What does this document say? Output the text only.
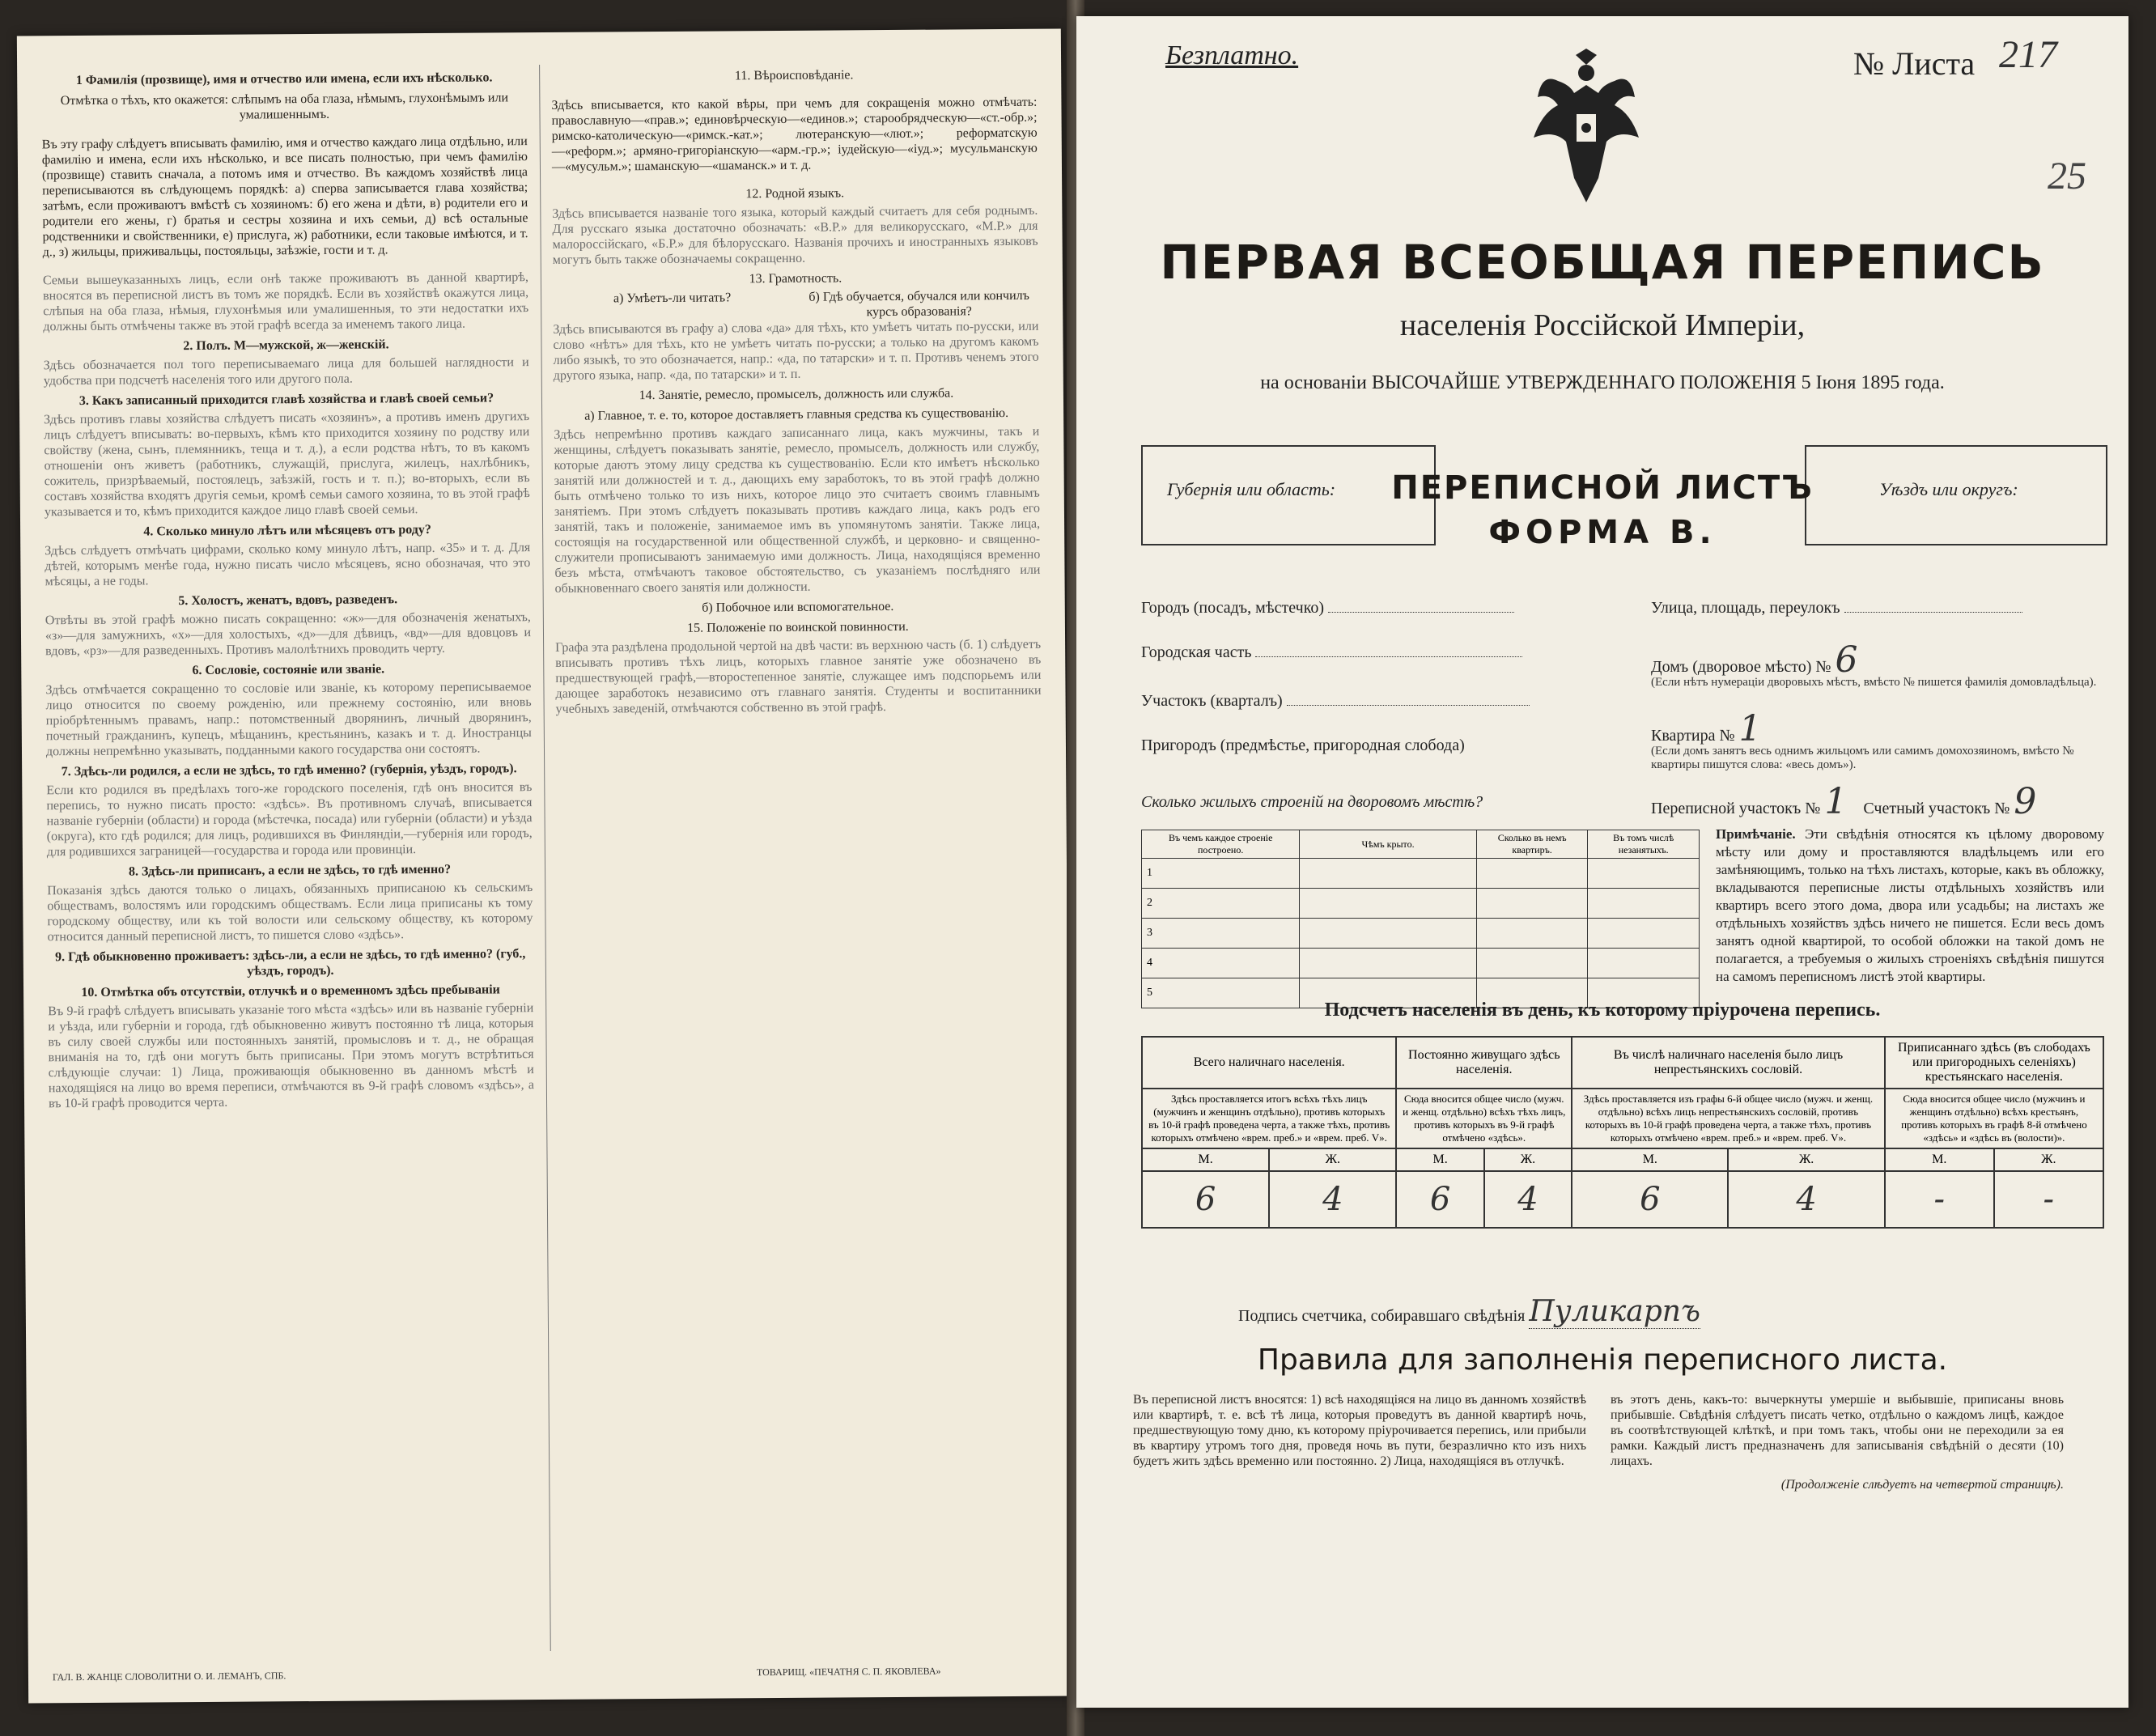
1 Фамилія (прозвище), имя и отчество или имена, если ихъ нѣсколько.
Отмѣтка о тѣхъ, кто окажется: слѣпымъ на оба глаза, нѣмымъ, глухонѣмымъ или умалишеннымъ.

Въ эту графу слѣдуетъ вписывать фамилію, имя и отчество каждаго лица отдѣльно, или фамилію и имена, если ихъ нѣсколько, и все писать полностью, при чемъ фамилію (прозвище) ставить сначала, а потомъ имя и отчество. Въ каждомъ хозяйствѣ лица переписываются въ слѣдующемъ порядкѣ: а) сперва записывается глава хозяйства; затѣмъ, если проживаютъ вмѣстѣ съ хозяиномъ: б) его жена и дѣти, в) родители его и родители его жены, г) братья и сестры хозяина и ихъ семьи, д) всѣ остальные родственники и свойственники, е) прислуга, ж) работники, если таковые имѣются, и т. д., з) жильцы, приживальцы, постояльцы, заѣзжіе, гости и т. д.

Семьи вышеуказанныхъ лицъ, если онѣ также проживаютъ въ данной квартирѣ, вносятся въ переписной листъ въ томъ же порядкѣ. Если въ хозяйствѣ окажутся лица, слѣпыя на оба глаза, нѣмыя, глухонѣмыя или умалишенныя, то эти недостатки ихъ должны быть отмѣчены также въ этой графѣ всегда за именемъ такого лица.
2. Полъ. М—мужской, ж—женскій.
Здѣсь обозначается пол того переписываемаго лица для большей наглядности и удобства при подсчетѣ населенія того или другого пола.
3. Какъ записанный приходится главѣ хозяйства и главѣ своей семьи?
Здѣсь противъ главы хозяйства слѣдуетъ писать «хозяинъ», а противъ именъ другихъ лицъ слѣдуетъ вписывать: во-первыхъ, кѣмъ кто приходится хозяину по родству или свойству (жена, сынъ, племянникъ, теща и т. д.), а если родства нѣтъ, то въ какомъ отношеніи онъ живетъ (работникъ, служащій, прислуга, жилецъ, нахлѣбникъ, сожитель, призрѣваемый, постоялецъ, заѣзжій, гость и т. п.); во-вторыхъ, если въ составъ хозяйства входятъ другія семьи, кромѣ семьи самого хозяина, то въ этой графѣ указывается и то, кѣмъ приходится каждое лицо главѣ своей семьи.
4. Сколько минуло лѣтъ или мѣсяцевъ отъ роду?
Здѣсь слѣдуетъ отмѣчать цифрами, сколько кому минуло лѣтъ, напр. «35» и т. д. Для дѣтей, которымъ менѣе года, нужно писать число мѣсяцевъ, ясно обозначая, что это мѣсяцы, а не годы.
5. Холостъ, женатъ, вдовъ, разведенъ.
Отвѣты въ этой графѣ можно писать сокращенно: «ж»—для обозначенія женатыхъ, «з»—для замужнихъ, «х»—для холостыхъ, «д»—для дѣвицъ, «вд»—для вдовцовъ и вдовъ, «рз»—для разведенныхъ. Противъ малолѣтнихъ проводить черту.
6. Сословіе, состояніе или званіе.
Здѣсь отмѣчается сокращенно то сословіе или званіе, къ которому переписываемое лицо относится по своему рожденію, или прежнему состоянію, или вновь пріобрѣтеннымъ правамъ, напр.: потомственный дворянинъ, личный дворянинъ, почетный гражданинъ, купецъ, мѣщанинъ, крестьянинъ, казакъ и т. д. Иностранцы должны непремѣнно указывать, подданными какого государства они состоятъ.
7. Здѣсь-ли родился, а если не здѣсь, то гдѣ именно? (губернія, уѣздъ, городъ).
Если кто родился въ предѣлахъ того-же городского поселенія, гдѣ онъ вносится въ перепись, то нужно писать просто: «здѣсь». Въ противномъ случаѣ, вписывается названіе губерніи (области) и города (мѣстечка, посада) или губерніи (области) и уѣзда (округа), кто гдѣ родился; для лицъ, родившихся въ Финляндіи,—губернія или городъ, для родившихся заграницей—государства и города или провинціи.
8. Здѣсь-ли приписанъ, а если не здѣсь, то гдѣ именно?
Показанія здѣсь даются только о лицахъ, обязанныхъ приписаною къ сельскимъ обществамъ, волостямъ или городскимъ обществамъ. Если лица приписаны къ тому городскому обществу, или къ той волости или сельскому обществу, къ которому относится данный переписной листъ, то пишется слово «здѣсь».
9. Гдѣ обыкновенно проживаетъ: здѣсь-ли, а если не здѣсь, то гдѣ именно? (губ., уѣздъ, городъ).
10. Отмѣтка объ отсутствіи, отлучкѣ и о временномъ здѣсь пребываніи
Въ 9-й графѣ слѣдуетъ вписывать указаніе того мѣста «здѣсь» или въ названіе губерніи и уѣзда, или губерніи и города, гдѣ обыкновенно живутъ постоянно тѣ лица, которыя въ силу своей службы или постоянныхъ занятій, промысловъ и т. д., не обращая вниманія на то, гдѣ они могутъ быть приписаны. При этомъ могутъ встрѣтиться слѣдующіе случаи: 1) Лица, проживающія обыкновенно въ данномъ мѣстѣ и находящіяся на лицо во время переписи, отмѣчаются въ 9-й графѣ словомъ «здѣсь», а въ 10-й графѣ проводится черта.
11. Вѣроисповѣданіе.

Здѣсь вписывается, кто какой вѣры, при чемъ для сокращенія можно отмѣчать: православную—«прав.»; единовѣрческую—«единов.»; старообрядческую—«ст.-обр.»; римско-католическую—«римск.-кат.»; лютеранскую—«лют.»; реформатскую—«реформ.»; армяно-григоріанскую—«арм.-гр.»; іудейскую—«іуд.»; мусульманскую—«мусульм.»; шаманскую—«шаманск.» и т. д.

12. Родной языкъ.
Здѣсь вписывается названіе того языка, который каждый считаетъ для себя роднымъ. Для русскаго языка достаточно обозначать: «В.Р.» для великорусскаго, «М.Р.» для малороссійскаго, «Б.Р.» для бѣлорусскаго. Названія прочихъ и иностранныхъ языковъ могутъ быть также обозначаемы сокращенно.
13. Грамотность.
а) Умѣетъ-ли читать?	б) Гдѣ обучается, обучался или кончилъ курсъ образованія?
Здѣсь вписываются въ графу а) слова «да» для тѣхъ, кто умѣетъ читать по-русски, или слово «нѣтъ» для тѣхъ, кто не умѣетъ читать по-русски; а только на другомъ какомъ либо языкѣ, то это обозначается, напр.: «да, по татарски» и т. п. Противъ ченемъ этого другого языка, напр. «да, по татарски» и т. п.
14. Занятіе, ремесло, промыселъ, должность или служба.
а) Главное, т. е. то, которое доставляетъ главныя средства къ существованію.
Здѣсь непремѣнно противъ каждаго записаннаго лица, какъ мужчины, такъ и женщины, слѣдуетъ показывать занятіе, ремесло, промыселъ, должность или службу, которые даютъ этому лицу средства къ существованію. Если кто имѣетъ нѣсколько занятій или должностей и т. д., дающихъ ему заработокъ, то въ этой графѣ должно быть отмѣчено только то изъ нихъ, которое лицо это считаетъ своимъ главнымъ занятіемъ. При этомъ слѣдуетъ показывать противъ каждаго лица, какъ родъ его занятій, такъ и положеніе, занимаемое имъ въ упомянутомъ занятіи. Также лица, состоящія на государственной или общественной службѣ, и церковно- и священно-служители прописываютъ занимаемую ими должность. Лица, находящіяся временно безъ мѣста, отмѣчаютъ таковое обстоятельство, съ указаніемъ послѣдняго или обыкновеннаго своего занятія или должности.
б) Побочное или вспомогательное.
15. Положеніе по воинской повинности.
Графа эта раздѣлена продольной чертой на двѣ части: въ верхнюю часть (б. 1) слѣдуетъ вписывать противъ тѣхъ лицъ, которыхъ главное занятіе уже обозначено въ предшествующей графѣ,—второстепенное занятіе, служащее имъ подспорьемъ или дающее заработокъ независимо отъ главнаго занятія. Студенты и воспитанники учебныхъ заведеній, отмѣчаются собственно въ этой графѣ.
ГАЛ. В. ЖАНЦЕ СЛОВОЛИТНИ О. И. ЛЕМАНЪ, СПБ.	ТОВАРИЩ. «ПЕЧАТНЯ С. П. ЯКОВЛЕВА»
Безплатно.	№ Листа 217
25
ПЕРВАЯ ВСЕОБЩАЯ ПЕРЕПИСЬ
населенія Россійской Имперіи,
на основаніи ВЫСОЧАЙШЕ УТВЕРЖДЕННАГО ПОЛОЖЕНІЯ 5 Іюня 1895 года.
Губернія или область:	Уѣздъ или округъ:
ПЕРЕПИСНОЙ ЛИСТЪ
ФОРМА В.
Городъ (посадъ, мѣстечко)
Городская часть
Участокъ (кварталъ)
Пригородъ (предмѣстье, пригородная слобода)
Улица, площадь, переулокъ
Домъ (дворовое мѣсто) № 6
(Если нѣтъ нумераціи дворовыхъ мѣстъ, вмѣсто № пишется фамилія домовладѣльца).
Квартира № 1
(Если домъ занятъ весь однимъ жильцомъ или самимъ домохозяиномъ, вмѣсто № квартиры пишутся слова: «весь домъ»).
Переписной участокъ № 1 Счетный участокъ № 9
Сколько жилыхъ строеній на дворовомъ мѣстѣ?
Въ чемъ каждое строеніе построено.	Чѣмъ крыто.	Сколько въ немъ квартиръ.	Въ томъ числѣ незанятыхъ.
1			
2			
3			
4			
5			
Примѣчаніе. Эти свѣдѣнія относятся къ цѣлому дворовому мѣсту или дому и проставляются владѣльцемъ или его замѣняющимъ, только на тѣхъ листахъ, которые, какъ въ обложку, вкладываются переписные листы отдѣльныхъ хозяйствъ или квартиръ всего этого дома, двора или усадьбы; на листахъ же отдѣльныхъ хозяйствъ здѣсь ничего не пишется. Если весь домъ занятъ одной квартирой, то особой обложки на такой домъ не полагается, а требуемыя о жилыхъ строеніяхъ свѣдѣнія пишутся на самомъ переписномъ листѣ этой квартиры.
Подсчетъ населенія въ день, къ которому пріурочена перепись.
Всего наличнаго населенія.		Постоянно живущаго здѣсь населенія.		Въ числѣ наличнаго населенія было лицъ непрестьянскихъ сословій.		Приписаннаго здѣсь (въ слободахъ или пригородныхъ селеніяхъ) крестьянскаго населенія.	
Здѣсь проставляется итогъ всѣхъ тѣхъ лицъ (мужчинъ и женщинъ отдѣльно), противъ которыхъ въ 10-й графѣ проведена черта, а также тѣхъ, противъ которыхъ отмѣчено «врем. преб.» и «врем. преб. V».		Сюда вносится общее число (мужч. и женщ. отдѣльно) всѣхъ тѣхъ лицъ, противъ которыхъ въ 9-й графѣ отмѣчено «здѣсь».		Здѣсь проставляется изъ графы 6-й общее число (мужч. и женщ. отдѣльно) всѣхъ лицъ непрестьянскихъ сословій, противъ которыхъ въ 10-й графѣ проведена черта, а также тѣхъ, противъ которыхъ отмѣчено «врем. преб.» и «врем. преб. V».		Сюда вносится общее число (мужчинъ и женщинъ отдѣльно) всѣхъ крестьянъ, противъ которыхъ въ графѣ 8-й отмѣчено «здѣсь» и «здѣсь въ (волости)».	
М.	Ж.	М.	Ж.	М.	Ж.	М.	Ж.
6	4	6	4	6	4	-	-
Подпись счетчика, собиравшаго свѣдѣнія Пуликарпъ
Правила для заполненія переписного листа.
Въ переписной листъ вносятся: 1) всѣ находящіяся на лицо въ данномъ хозяйствѣ или квартирѣ, т. е. всѣ тѣ лица, которыя проведутъ въ данной квартирѣ ночь, предшествующую тому дню, къ которому пріурочивается перепись, или прибыли въ квартиру утромъ того дня, проведя ночь въ пути, безразлично кто изъ нихъ будетъ жить здѣсь временно или постоянно. 2) Лица, находящіяся въ отлучкѣ.
въ этотъ день, какъ-то: вычеркнуты умершіе и выбывшіе, приписаны вновь прибывшіе. Свѣдѣнія слѣдуетъ писать четко, отдѣльно о каждомъ лицѣ, каждое въ соотвѣтствующей клѣткѣ, и при томъ такъ, чтобы они не переходили за ея рамки. Каждый листъ предназначенъ для записыванія свѣдѣній о десяти (10) лицахъ.
(Продолженіе слѣдуетъ на четвертой страницѣ).
